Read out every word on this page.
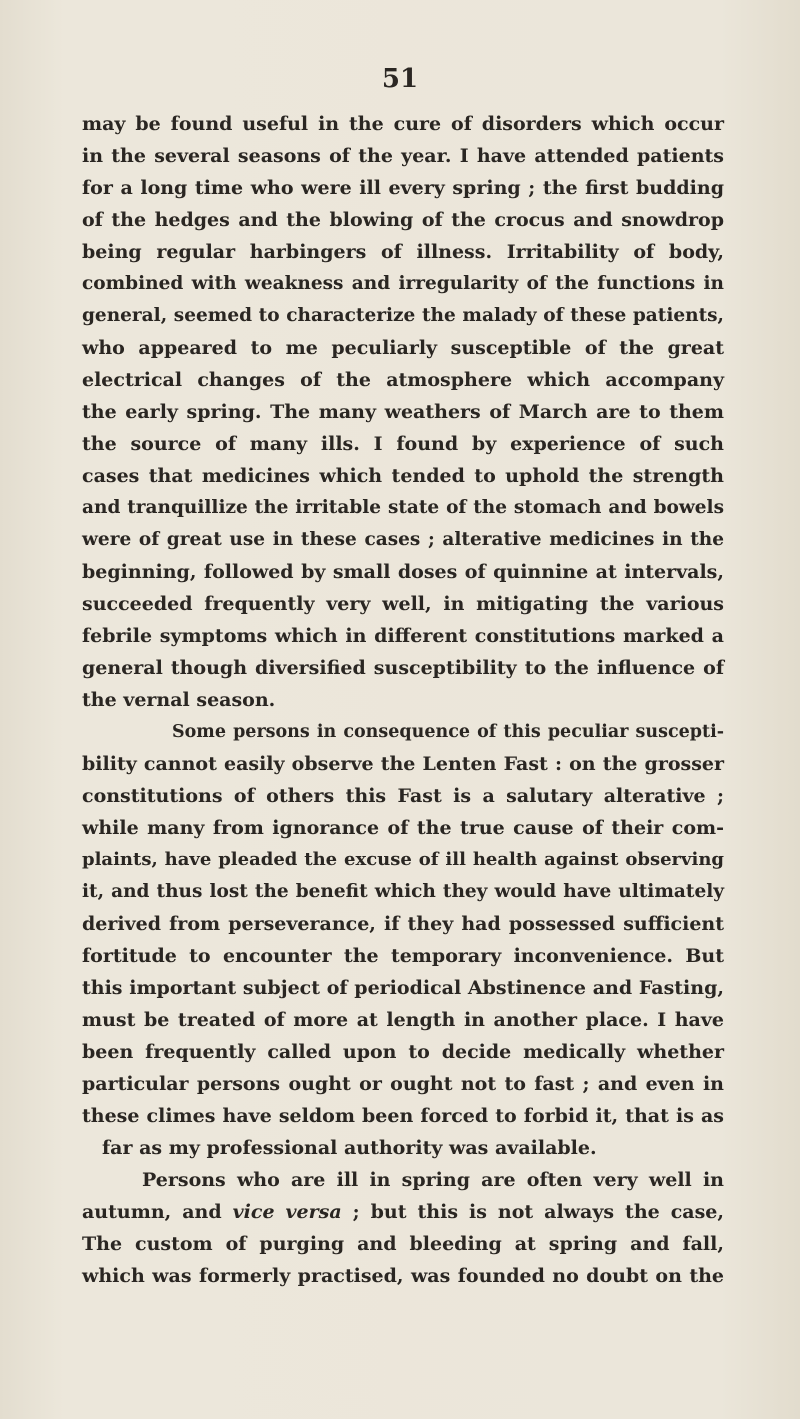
51
may be found useful in the cure of disorders which occur
in the several seasons of the year. I have attended patients
for a long time who were ill every spring ; the first budding
of the hedges and the blowing of the crocus and snowdrop
being regular harbingers of illness. Irritability of body,
combined with weakness and irregularity of the functions in
general, seemed to characterize the malady of these patients,
who appeared to me peculiarly susceptible of the great
electrical changes of the atmosphere which accompany
the early spring. The many weathers of March are to them
the source of many ills. I found by experience of such
cases that medicines which tended to uphold the strength
and tranquillize the irritable state of the stomach and bowels
were of great use in these cases ; alterative medicines in the
beginning, followed by small doses of quinnine at intervals,
succeeded frequently very well, in mitigating the various
febrile symptoms which in different constitutions marked a
general though diversified susceptibility to the influence of
the vernal season.
Some persons in consequence of this peculiar suscepti-
bility cannot easily observe the Lenten Fast : on the grosser
constitutions of others this Fast is a salutary alterative ;
while many from ignorance of the true cause of their com-
plaints, have pleaded the excuse of ill health against observing
it, and thus lost the benefit which they would have ultimately
derived from perseverance, if they had possessed sufficient
fortitude to encounter the temporary inconvenience. But
this important subject of periodical Abstinence and Fasting,
must be treated of more at length in another place. I have
been frequently called upon to decide medically whether
particular persons ought or ought not to fast ; and even in
these climes have seldom been forced to forbid it, that is as
far as my professional authority was available.
Persons who are ill in spring are often very well in
autumn, and vice versa ; but this is not always the case,
The custom of purging and bleeding at spring and fall,
which was formerly practised, was founded no doubt on the
